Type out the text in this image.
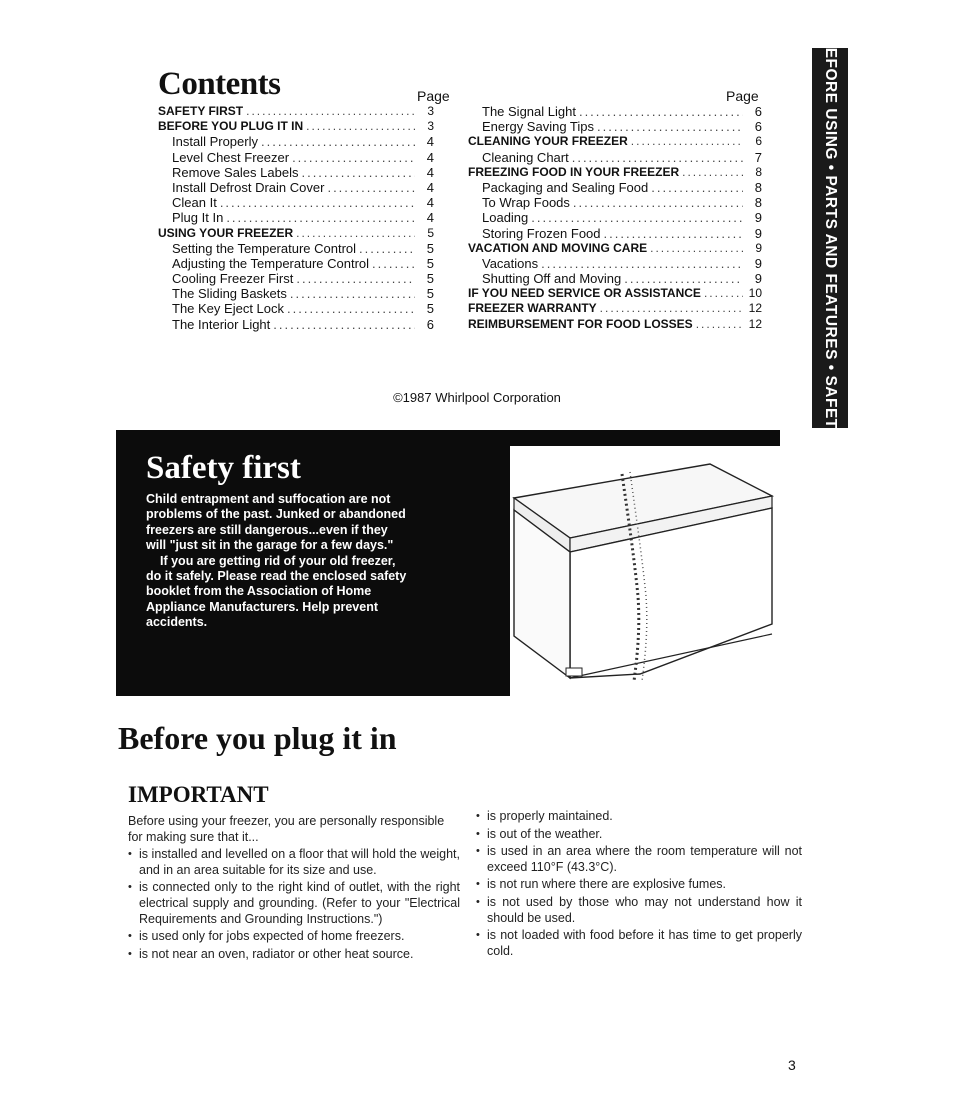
BEFORE USING • PARTS AND FEATURES • SAFETY
Contents	Page	Page
SAFETY FIRST .....	3
BEFORE YOU PLUG IT IN .....	3
Install Properly .....	4
Level Chest Freezer .....	4
Remove Sales Labels .....	4
Install Defrost Drain Cover .....	4
Clean It .....	4
Plug It In .....	4
USING YOUR FREEZER .....	5
Setting the Temperature Control .....	5
Adjusting the Temperature Control .....	5
Cooling Freezer First .....	5
The Sliding Baskets .....	5
The Key Eject Lock .....	5
The Interior Light .....	6
The Signal Light .....	6
Energy Saving Tips .....	6
CLEANING YOUR FREEZER .....	6
Cleaning Chart .....	7
FREEZING FOOD IN YOUR FREEZER .....	8
Packaging and Sealing Food .....	8
To Wrap Foods .....	8
Loading .....	9
Storing Frozen Food .....	9
VACATION AND MOVING CARE .....	9
Vacations .....	9
Shutting Off and Moving .....	9
IF YOU NEED SERVICE OR ASSISTANCE .....	10
FREEZER WARRANTY .....	12
REIMBURSEMENT FOR FOOD LOSSES .....	12
©1987 Whirlpool Corporation
Safety first

Child entrapment and suffocation are not problems of the past. Junked or abandoned freezers are still dangerous...even if they will "just sit in the garage for a few days."

If you are getting rid of your old freezer, do it safely. Please read the enclosed safety booklet from the Association of Home Appliance Manufacturers. Help prevent accidents.

Before you plug it in
IMPORTANT

Before using your freezer, you are personally responsible for making sure that it...

• is installed and levelled on a floor that will hold the weight, and in an area suitable for its size and use.
• is connected only to the right kind of outlet, with the right electrical supply and grounding. (Refer to your "Electrical Requirements and Grounding Instructions.")
• is used only for jobs expected of home freezers.
• is not near an oven, radiator or other heat source.
• is properly maintained.
• is out of the weather.
• is used in an area where the room temperature will not exceed 110°F (43.3°C).
• is not run where there are explosive fumes.
• is not used by those who may not understand how it should be used.
• is not loaded with food before it has time to get properly cold.
3
